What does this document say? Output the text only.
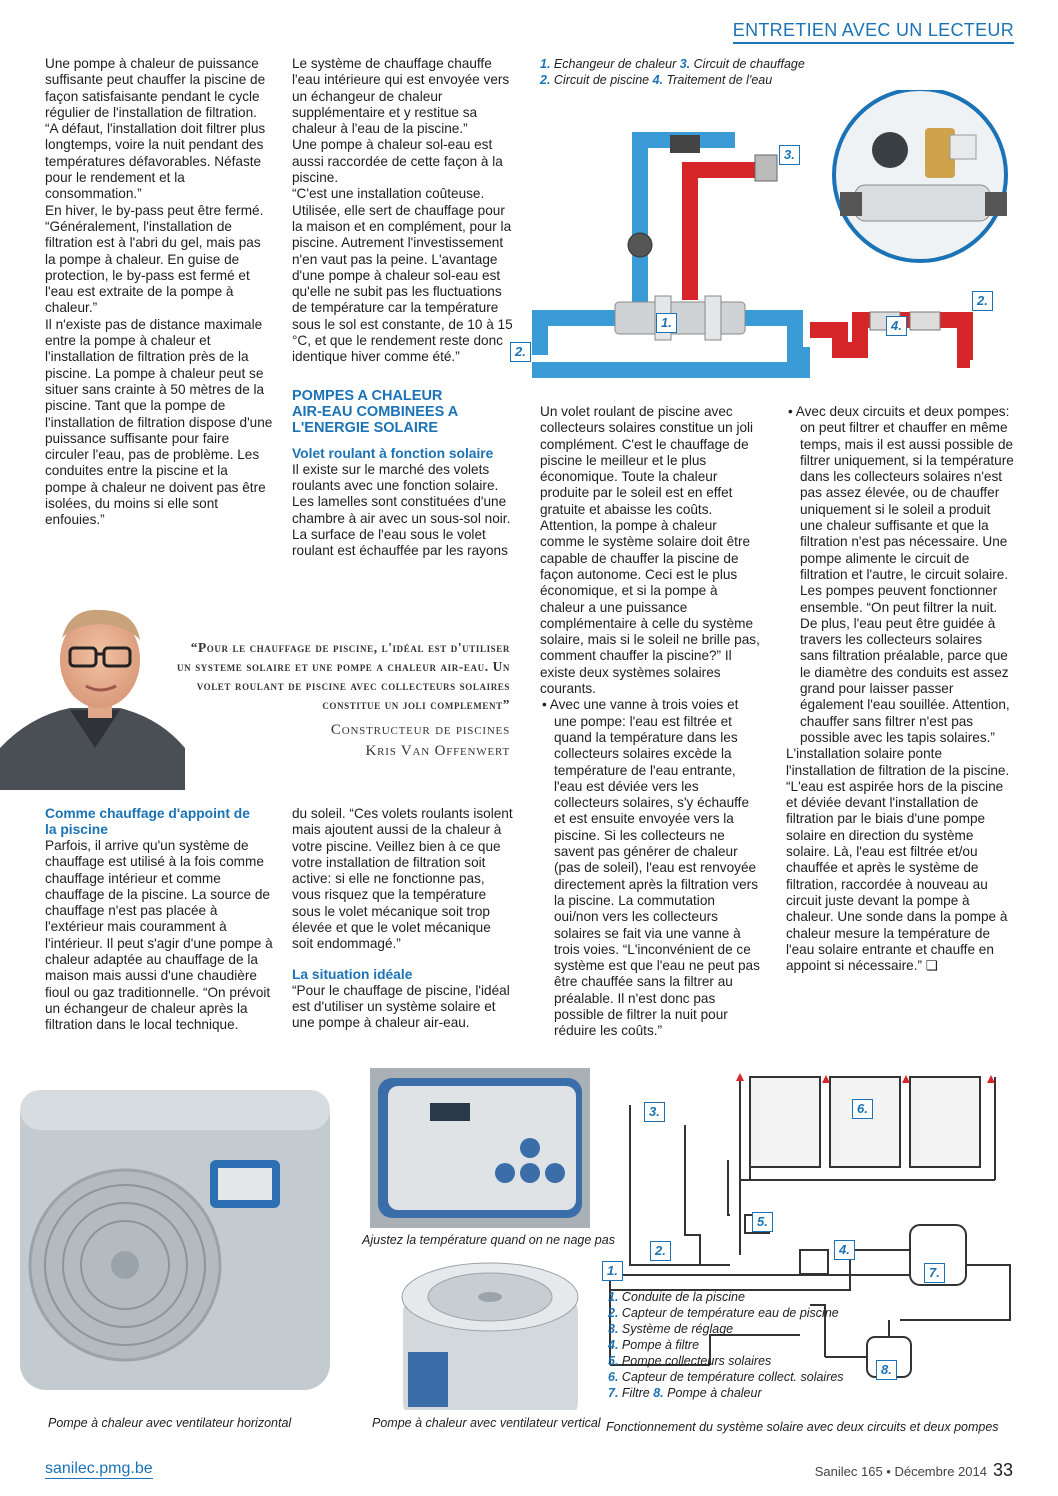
ENTRETIEN AVEC UN LECTEUR

Une pompe à chaleur de puissance suffisante peut chauffer la piscine de façon satisfaisante pendant le cycle régulier de l'installation de filtration. “A défaut, l'installation doit filtrer plus longtemps, voire la nuit pendant des températures défavorables. Néfaste pour le rendement et la consommation.”

En hiver, le by-pass peut être fermé. “Généralement, l'installation de filtration est à l'abri du gel, mais pas la pompe à chaleur. En guise de protection, le by-pass est fermé et l'eau est extraite de la pompe à chaleur.”

Il n'existe pas de distance maximale entre la pompe à chaleur et l'installation de filtration près de la piscine. La pompe à chaleur peut se situer sans crainte à 50 mètres de la piscine. Tant que la pompe de l'installation de filtration dispose d'une puissance suffisante pour faire circuler l'eau, pas de problème. Les conduites entre la piscine et la pompe à chaleur ne doivent pas être isolées, du moins si elle sont enfouies.”

Le système de chauffage chauffe l'eau intérieure qui est envoyée vers un échangeur de chaleur supplémentaire et y restitue sa chaleur à l'eau de la piscine.”

Une pompe à chaleur sol-eau est aussi raccordée de cette façon à la piscine.

“C'est une installation coûteuse. Utilisée, elle sert de chauffage pour la maison et en complément, pour la piscine. Autrement l'investissement n'en vaut pas la peine. L'avantage d'une pompe à chaleur sol-eau est qu'elle ne subit pas les fluctuations de température car la température sous le sol est constante, de 10 à 15 °C, et que le rendement reste donc identique hiver comme été.”

POMPES A CHALEUR AIR-EAU COMBINEES A L'ENERGIE SOLAIRE

Volet roulant à fonction solaire

Il existe sur le marché des volets roulants avec une fonction solaire. Les lamelles sont constituées d'une chambre à air avec un sous-sol noir. La surface de l'eau sous le volet roulant est échauffée par les rayons

“Pour le chauffage de piscine, l'idéal est d'utiliser un systeme solaire et une pompe a chaleur air-eau. Un volet roulant de piscine avec collecteurs solaires constitue un joli complement”
Constructeur de piscines
Kris Van Offenwert

Comme chauffage d'appoint de la piscine

Parfois, il arrive qu'un système de chauffage est utilisé à la fois comme chauffage intérieur et comme chauffage de la piscine. La source de chauffage n'est pas placée à l'extérieur mais couramment à l'intérieur. Il peut s'agir d'une pompe à chaleur adaptée au chauffage de la maison mais aussi d'une chaudière fioul ou gaz traditionnelle. “On prévoit un échangeur de chaleur après la filtration dans le local technique.

du soleil. “Ces volets roulants isolent mais ajoutent aussi de la chaleur à votre piscine. Veillez bien à ce que votre installation de filtration soit active: si elle ne fonctionne pas, vous risquez que la température sous le volet mécanique soit trop élevée et que le volet mécanique soit endommagé.”

La situation idéale

“Pour le chauffage de piscine, l'idéal est d'utiliser un système solaire et une pompe à chaleur air-eau.

1. Echangeur de chaleur 3. Circuit de chauffage
2. Circuit de piscine 4. Traitement de l'eau
1.
2.
2.
3.
4.

Un volet roulant de piscine avec collecteurs solaires constitue un joli complément. C'est le chauffage de piscine le meilleur et le plus économique. Toute la chaleur produite par le soleil est en effet gratuite et abaisse les coûts. Attention, la pompe à chaleur comme le système solaire doit être capable de chauffer la piscine de façon autonome. Ceci est le plus économique, et si la pompe à chaleur a une puissance complémentaire à celle du système solaire, mais si le soleil ne brille pas, comment chauffer la piscine?” Il existe deux systèmes solaires courants.

• Avec une vanne à trois voies et une pompe: l'eau est filtrée et quand la température dans les collecteurs solaires excède la température de l'eau entrante, l'eau est déviée vers les collecteurs solaires, s'y échauffe et est ensuite envoyée vers la piscine. Si les collecteurs ne savent pas générer de chaleur (pas de soleil), l'eau est renvoyée directement après la filtration vers la piscine. La commutation oui/non vers les collecteurs solaires se fait via une vanne à trois voies. “L'inconvénient de ce système est que l'eau ne peut pas être chauffée sans la filtrer au préalable. Il n'est donc pas possible de filtrer la nuit pour réduire les coûts.”

• Avec deux circuits et deux pompes: on peut filtrer et chauffer en même temps, mais il est aussi possible de filtrer uniquement, si la température dans les collecteurs solaires n'est pas assez élevée, ou de chauffer uniquement si le soleil a produit une chaleur suffisante et que la filtration n'est pas nécessaire. Une pompe alimente le circuit de filtration et l'autre, le circuit solaire. Les pompes peuvent fonctionner ensemble. “On peut filtrer la nuit. De plus, l'eau peut être guidée à travers les collecteurs solaires sans filtration préalable, parce que le diamètre des conduits est assez grand pour laisser passer également l'eau souillée. Attention, chauffer sans filtrer n'est pas possible avec les tapis solaires.”

L'installation solaire ponte l'installation de filtration de la piscine. “L'eau est aspirée hors de la piscine et déviée devant l'installation de filtration par le biais d'une pompe solaire en direction du système solaire. Là, l'eau est filtrée et/ou chauffée et après le système de filtration, raccordée à nouveau au circuit juste devant la pompe à chaleur. Une sonde dans la pompe à chaleur mesure la température de l'eau solaire entrante et chauffe en appoint si nécessaire.” ❏

Ajustez la température quand on ne nage pas
Pompe à chaleur avec ventilateur horizontal	Pompe à chaleur avec ventilateur vertical
1.
2.
3.
4.
5.
6.
7.
8.
1. Conduite de la piscine
2. Capteur de température eau de piscine
3. Système de réglage
4. Pompe à filtre
5. Pompe collecteurs solaires
6. Capteur de température collect. solaires
7. Filtre 8. Pompe à chaleur
Fonctionnement du système solaire avec deux circuits et deux pompes
sanilec.pmg.be	Sanilec 165 • Décembre 2014 33
